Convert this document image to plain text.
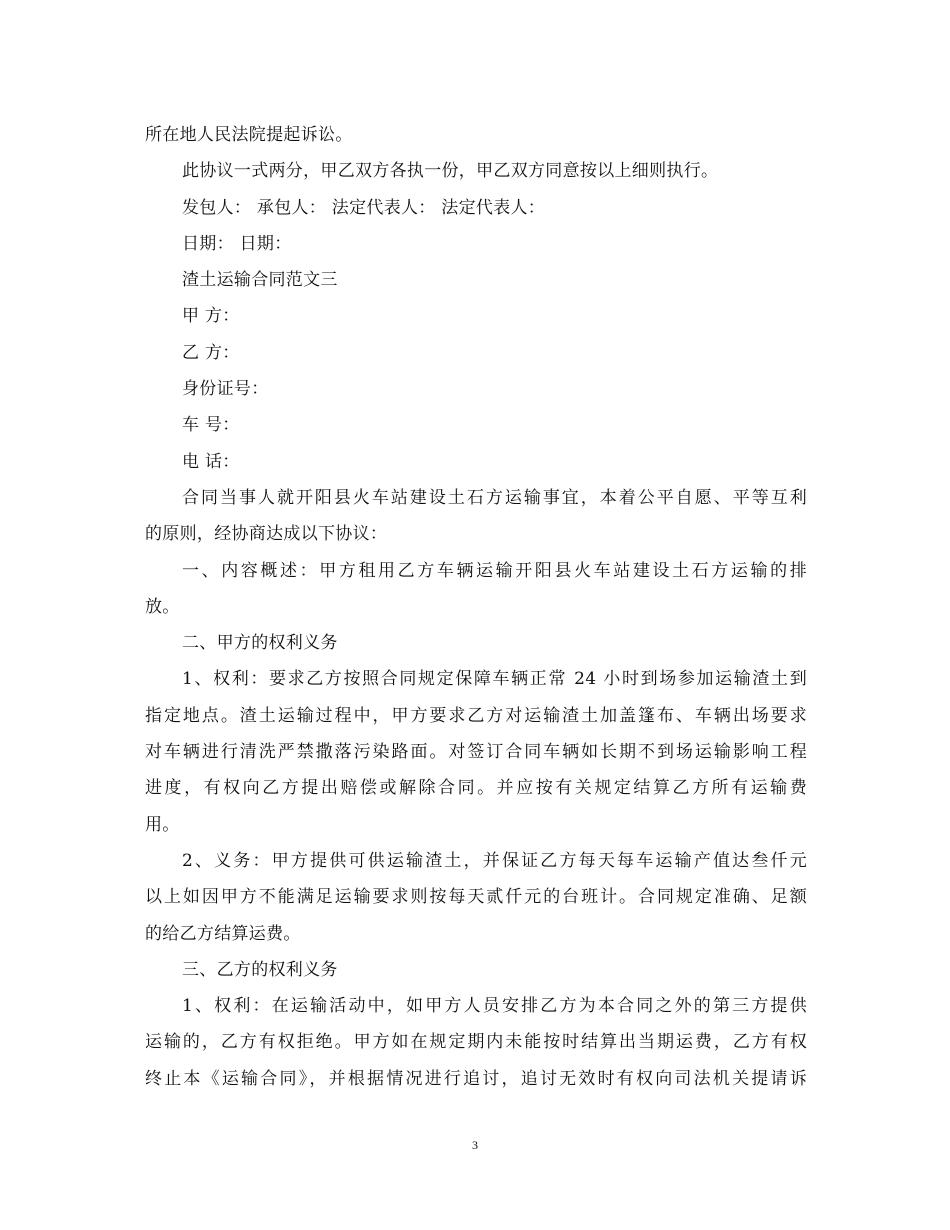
所在地人民法院提起诉讼。
此协议一式两分，甲乙双方各执一份，甲乙双方同意按以上细则执行。
发包人： 承包人： 法定代表人： 法定代表人：
日期： 日期：
渣土运输合同范文三
甲 方：
乙 方：
身份证号：
车 号：
电 话：
合同当事人就开阳县火车站建设土石方运输事宜，本着公平自愿、平等互利
的原则，经协商达成以下协议：
一、内容概述：甲方租用乙方车辆运输开阳县火车站建设土石方运输的排
放。
二、甲方的权利义务
1、权利：要求乙方按照合同规定保障车辆正常 24 小时到场参加运输渣土到
指定地点。渣土运输过程中，甲方要求乙方对运输渣土加盖篷布、车辆出场要求
对车辆进行清洗严禁撒落污染路面。对签订合同车辆如长期不到场运输影响工程
进度，有权向乙方提出赔偿或解除合同。并应按有关规定结算乙方所有运输费
用。
2、义务：甲方提供可供运输渣土，并保证乙方每天每车运输产值达叁仟元
以上如因甲方不能满足运输要求则按每天贰仟元的台班计。合同规定准确、足额
的给乙方结算运费。
三、乙方的权利义务
1、权利：在运输活动中，如甲方人员安排乙方为本合同之外的第三方提供
运输的，乙方有权拒绝。甲方如在规定期内未能按时结算出当期运费，乙方有权
终止本《运输合同》，并根据情况进行追讨，追讨无效时有权向司法机关提请诉
3
